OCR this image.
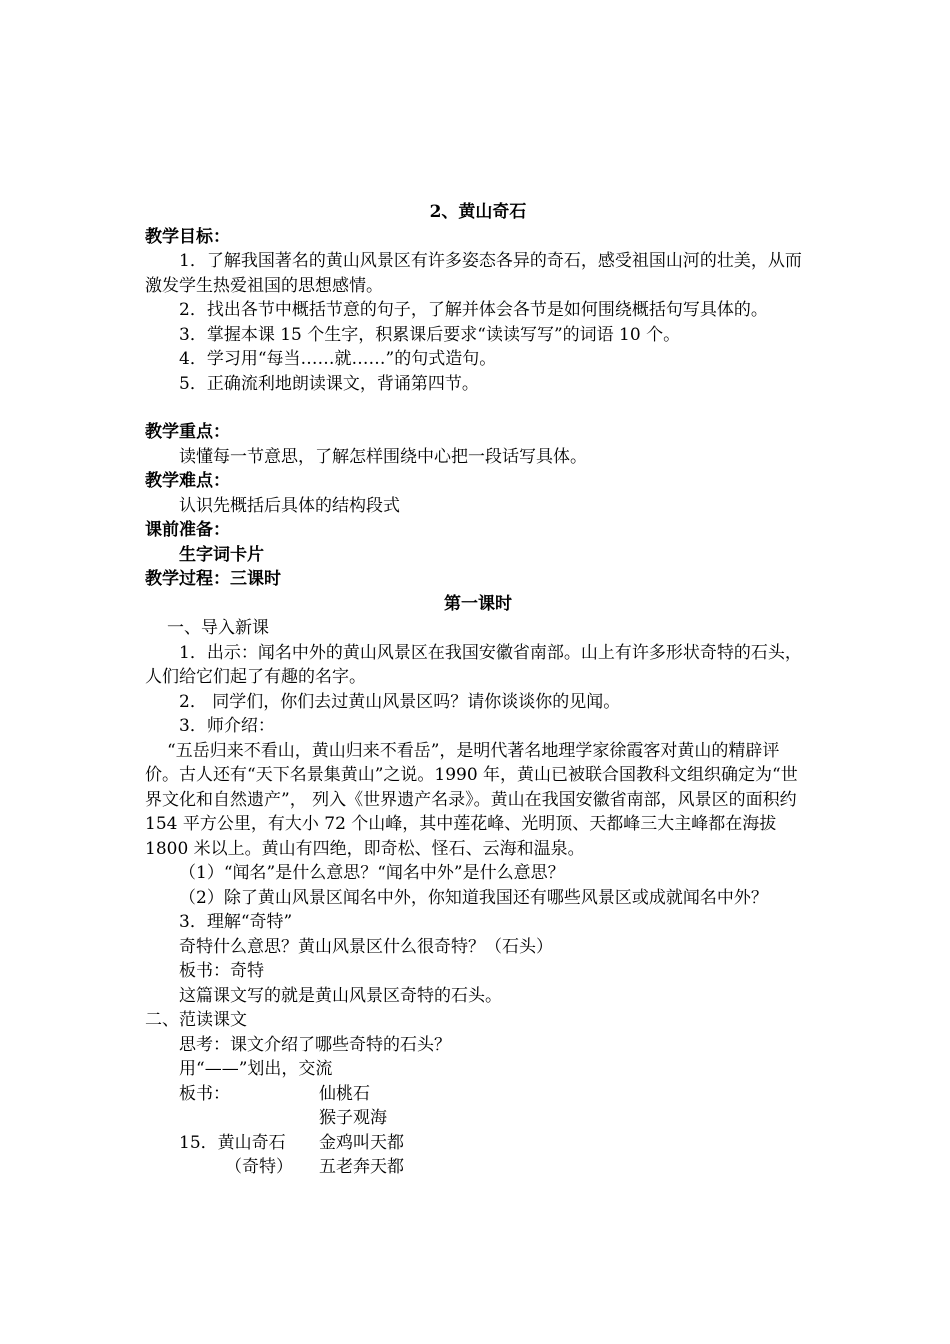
2、黄山奇石
教学目标：
1．了解我国著名的黄山风景区有许多姿态各异的奇石，感受祖国山河的壮美，从而激发学生热爱祖国的思想感情。
2．找出各节中概括节意的句子，了解并体会各节是如何围绕概括句写具体的。
3．掌握本课 15 个生字，积累课后要求“读读写写”的词语 10 个。
4．学习用“每当……就……”的句式造句。
5．正确流利地朗读课文，背诵第四节。
教学重点：
读懂每一节意思，了解怎样围绕中心把一段话写具体。
教学难点：
认识先概括后具体的结构段式
课前准备：
生字词卡片
教学过程：三课时
第一课时
一、导入新课
1．出示：闻名中外的黄山风景区在我国安徽省南部。山上有许多形状奇特的石头，人们给它们起了有趣的名字。
2． 同学们，你们去过黄山风景区吗？请你谈谈你的见闻。
3．师介绍：
“五岳归来不看山，黄山归来不看岳”，是明代著名地理学家徐霞客对黄山的精辟评价。古人还有“天下名景集黄山”之说。1990 年，黄山已被联合国教科文组织确定为“世界文化和自然遗产”， 列入《世界遗产名录》。黄山在我国安徽省南部，风景区的面积约 154 平方公里，有大小 72 个山峰，其中莲花峰、光明顶、天都峰三大主峰都在海拔 1800 米以上。黄山有四绝，即奇松、怪石、云海和温泉。
（1）“闻名”是什么意思？“闻名中外”是什么意思？
（2）除了黄山风景区闻名中外，你知道我国还有哪些风景区或成就闻名中外？
3．理解“奇特”
奇特什么意思？黄山风景区什么很奇特？（石头）
板书：奇特
这篇课文写的就是黄山风景区奇特的石头。
二、范读课文
思考：课文介绍了哪些奇特的石头？
用“——”划出，交流
板书：	仙桃石
猴子观海
15．黄山奇石 金鸡叫天都
（奇特） 五老奔天都
